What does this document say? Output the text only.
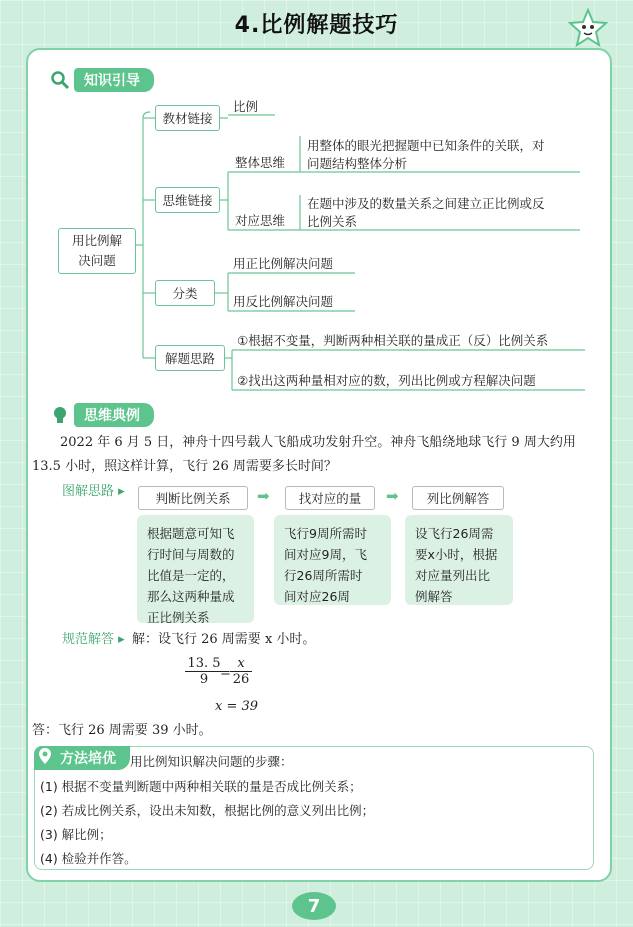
4.比例解题技巧
知识引导
用比例解
决问题
教材链接
比例
思维链接
整体思维
用整体的眼光把握题中已知条件的关联，对
问题结构整体分析
对应思维
在题中涉及的数量关系之间建立正比例或反
比例关系
分类
用正比例解决问题
用反比例解决问题
解题思路
①根据不变量，判断两种相关联的量成正（反）比例关系
②找出这两种量相对应的数，列出比例或方程解决问题
思维典例
2022 年 6 月 5 日，神舟十四号载人飞船成功发射升空。神舟飞船绕地球飞行 9 周大约用
13.5 小时，照这样计算，飞行 26 周需要多长时间？
图解思路 ▸	判断比例关系	➡	找对应的量	➡	列比例解答
根据题意可知飞
行时间与周数的
比值是一定的，
那么这两种量成
正比例关系
飞行9周所需时
间对应9周，飞
行26周所需时
间对应26周
设飞行26周需
要x小时，根据
对应量列出比
例解答
规范解答 ▸ 解：设飞行 26 周需要 x 小时。
$\frac{13. 5}{9}$
= $\frac{x}{26}$
x = 39
答：飞行 26 周需要 39 小时。
方法培优	用比例知识解决问题的步骤：
(1) 根据不变量判断题中两种相关联的量是否成比例关系；
(2) 若成比例关系，设出未知数，根据比例的意义列出比例；
(3) 解比例；
(4) 检验并作答。
7
